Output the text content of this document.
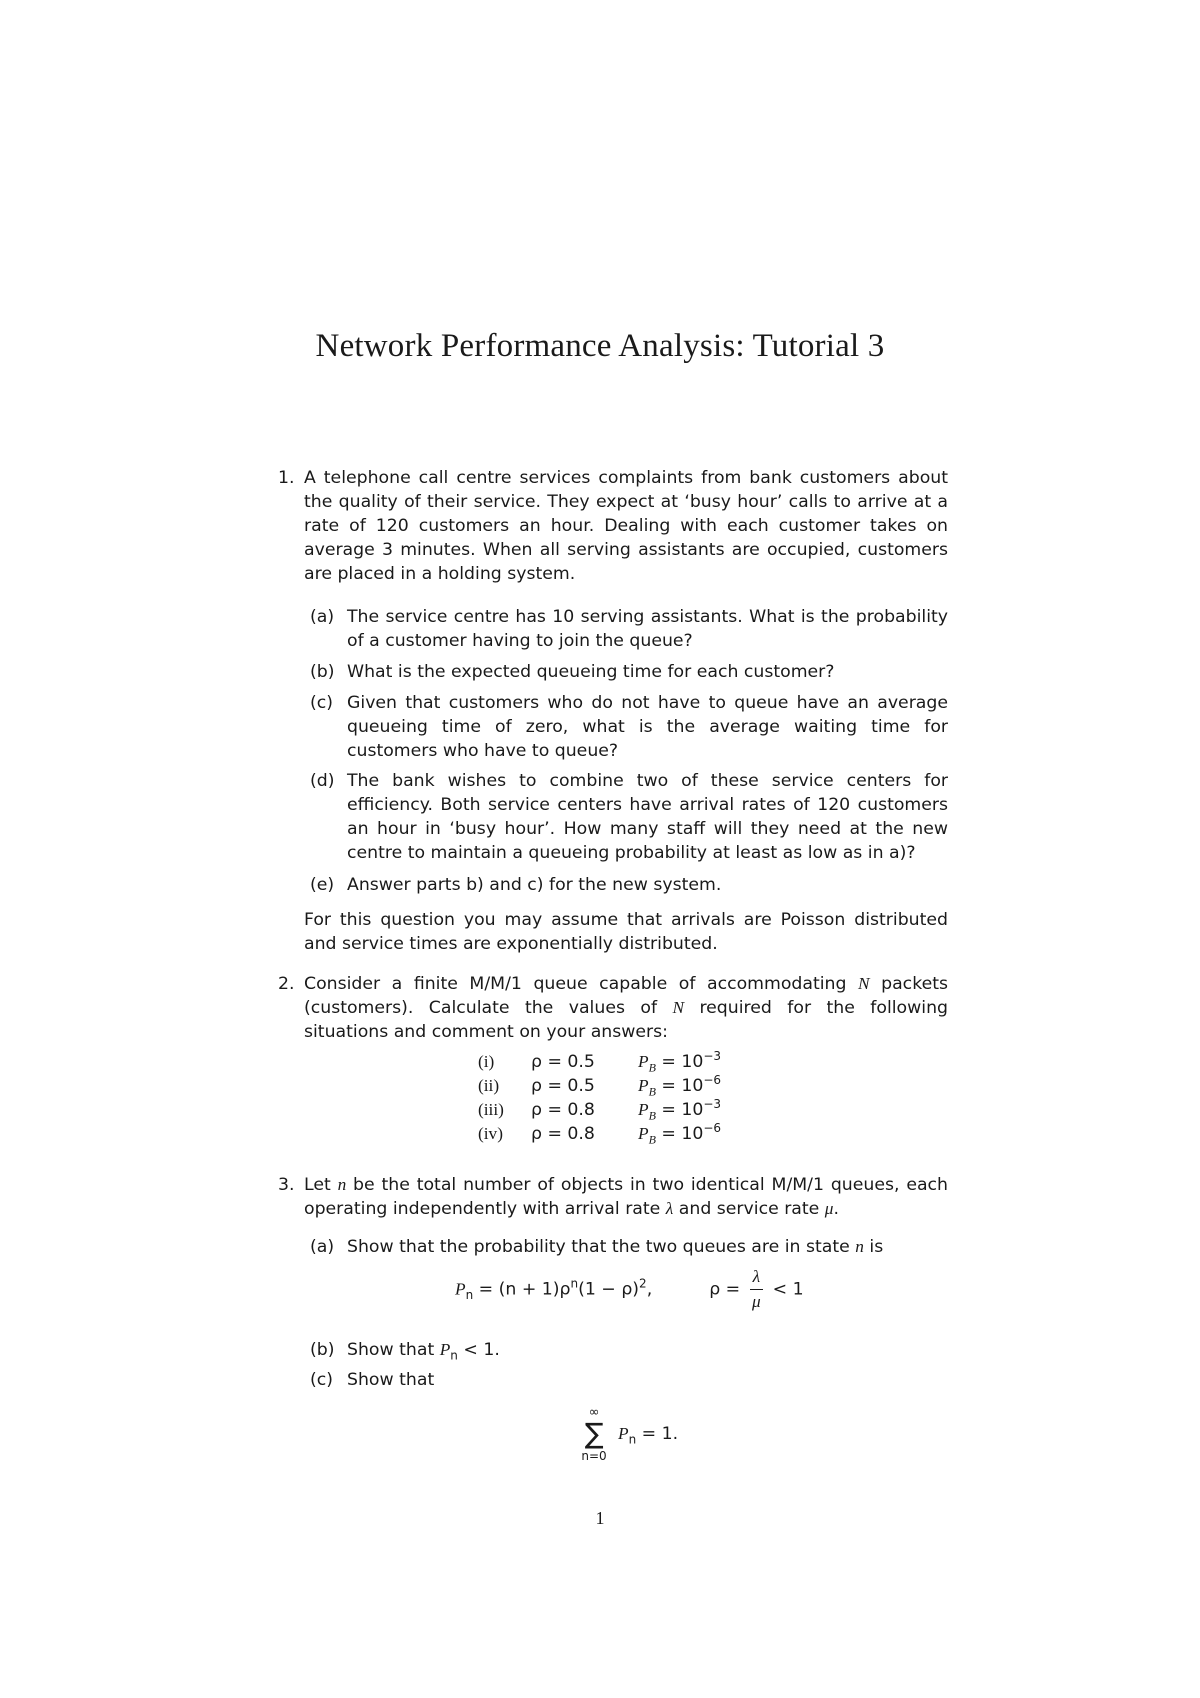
Network Performance Analysis: Tutorial 3
1. A telephone call centre services complaints from bank customers about the quality of their service. They expect at ‘busy hour’ calls to arrive at a rate of 120 customers an hour. Dealing with each customer takes on average 3 minutes. When all serving assistants are occupied, customers are placed in a holding system.
(a) The service centre has 10 serving assistants. What is the probability of a customer having to join the queue?
(b) What is the expected queueing time for each customer?
(c) Given that customers who do not have to queue have an average queueing time of zero, what is the average waiting time for customers who have to queue?
(d) The bank wishes to combine two of these service centers for efficiency. Both service centers have arrival rates of 120 customers an hour in ‘busy hour’. How many staff will they need at the new centre to maintain a queueing probability at least as low as in a)?
(e) Answer parts b) and c) for the new system.
For this question you may assume that arrivals are Poisson distributed and service times are exponentially distributed.
2. Consider a finite M/M/1 queue capable of accommodating N packets (customers). Calculate the values of N required for the following situations and comment on your answers:
(i) ρ = 0.5 $P_B = 10^{-3}$
(ii) ρ = 0.5 $P_B = 10^{-6}$
(iii) ρ = 0.8 $P_B = 10^{-3}$
(iv) ρ = 0.8 $P_B = 10^{-6}$
3. Let n be the total number of objects in two identical M/M/1 queues, each operating independently with arrival rate λ and service rate μ.
(a) Show that the probability that the two queues are in state n is
$P_n = (n + 1)\rho^n(1 - \rho)^2$,	$\rho = \frac{\lambda}{\mu} < 1$
(b) Show that $P_n < 1$.
(c) Show that
∞
∑
n=0
$P_n = 1$.
1
